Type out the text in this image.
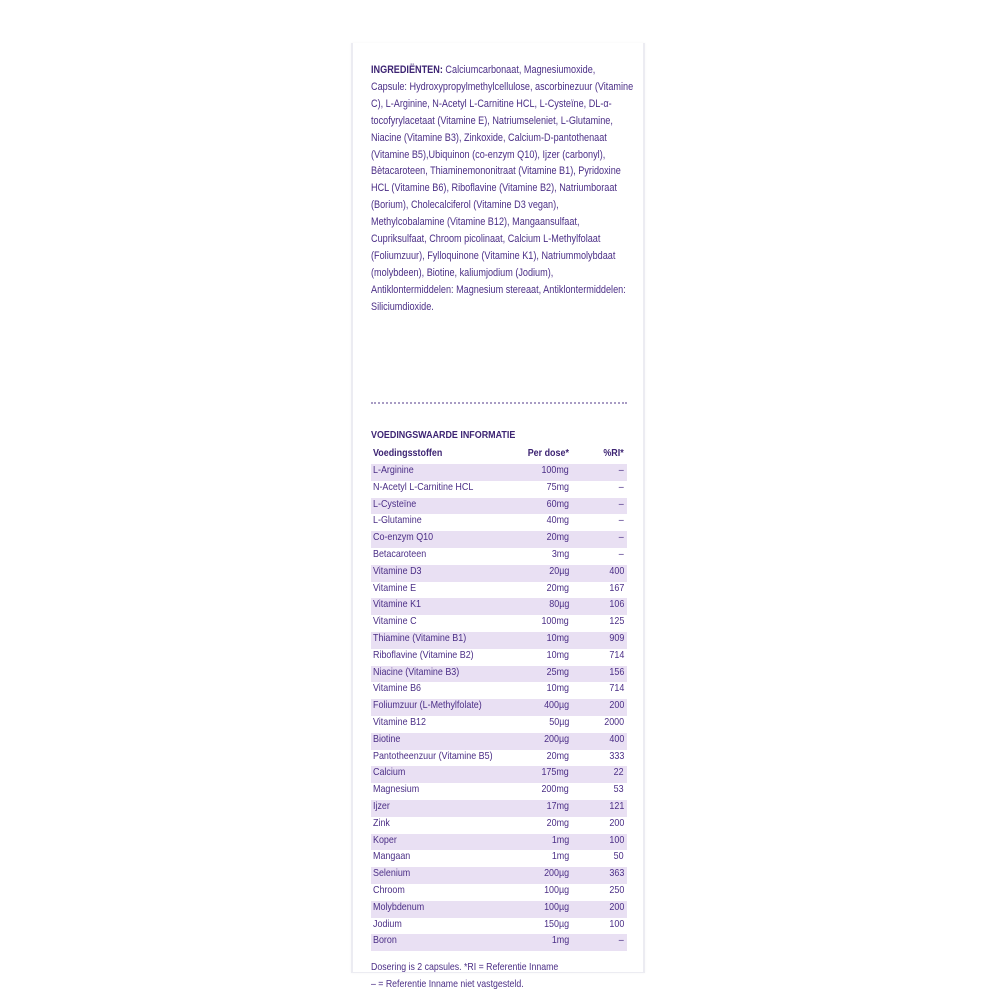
INGREDIËNTEN: Calciumcarbonaat, Magnesiumoxide, Capsule: Hydroxypropylmethylcellulose, ascorbinezuur (Vitamine C), L-Arginine, N-Acetyl L-Carnitine HCL, L-Cysteïne, DL-α-tocofyrylacetaat (Vitamine E), Natriumseleniet, L-Glutamine, Niacine (Vitamine B3), Zinkoxide, Calcium-D-pantothenaat (Vitamine B5),Ubiquinon (co-enzym Q10), Ijzer (carbonyl), Bètacaroteen, Thiaminemononitraat (Vitamine B1), Pyridoxine HCL (Vitamine B6), Riboflavine (Vitamine B2), Natriumboraat (Borium), Cholecalciferol (Vitamine D3 vegan), Methylcobalamine (Vitamine B12), Mangaansulfaat, Cupriksulfaat, Chroom picolinaat, Calcium L-Methylfolaat (Foliumzuur), Fylloquinone (Vitamine K1), Natriummolybdaat (molybdeen), Biotine, kaliumjodium (Jodium), Antiklontermiddelen: Magnesium stereaat, Antiklontermiddelen: Siliciumdioxide.
VOEDINGSWAARDE INFORMATIE
Voedingsstoffen	Per dose*	%RI*
L-Arginine	100mg	–
N-Acetyl L-Carnitine HCL	75mg	–
L-Cysteïne	60mg	–
L-Glutamine	40mg	–
Co-enzym Q10	20mg	–
Betacaroteen	3mg	–
Vitamine D3	20µg	400
Vitamine E	20mg	167
Vitamine K1	80µg	106
Vitamine C	100mg	125
Thiamine (Vitamine B1)	10mg	909
Riboflavine (Vitamine B2)	10mg	714
Niacine (Vitamine B3)	25mg	156
Vitamine B6	10mg	714
Foliumzuur (L-Methylfolate)	400µg	200
Vitamine B12	50µg	2000
Biotine	200µg	400
Pantotheenzuur (Vitamine B5)	20mg	333
Calcium	175mg	22
Magnesium	200mg	53
Ijzer	17mg	121
Zink	20mg	200
Koper	1mg	100
Mangaan	1mg	50
Selenium	200µg	363
Chroom	100µg	250
Molybdenum	100µg	200
Jodium	150µg	100
Boron	1mg	–
Dosering is 2 capsules. *RI = Referentie Inname
– = Referentie Inname niet vastgesteld.
